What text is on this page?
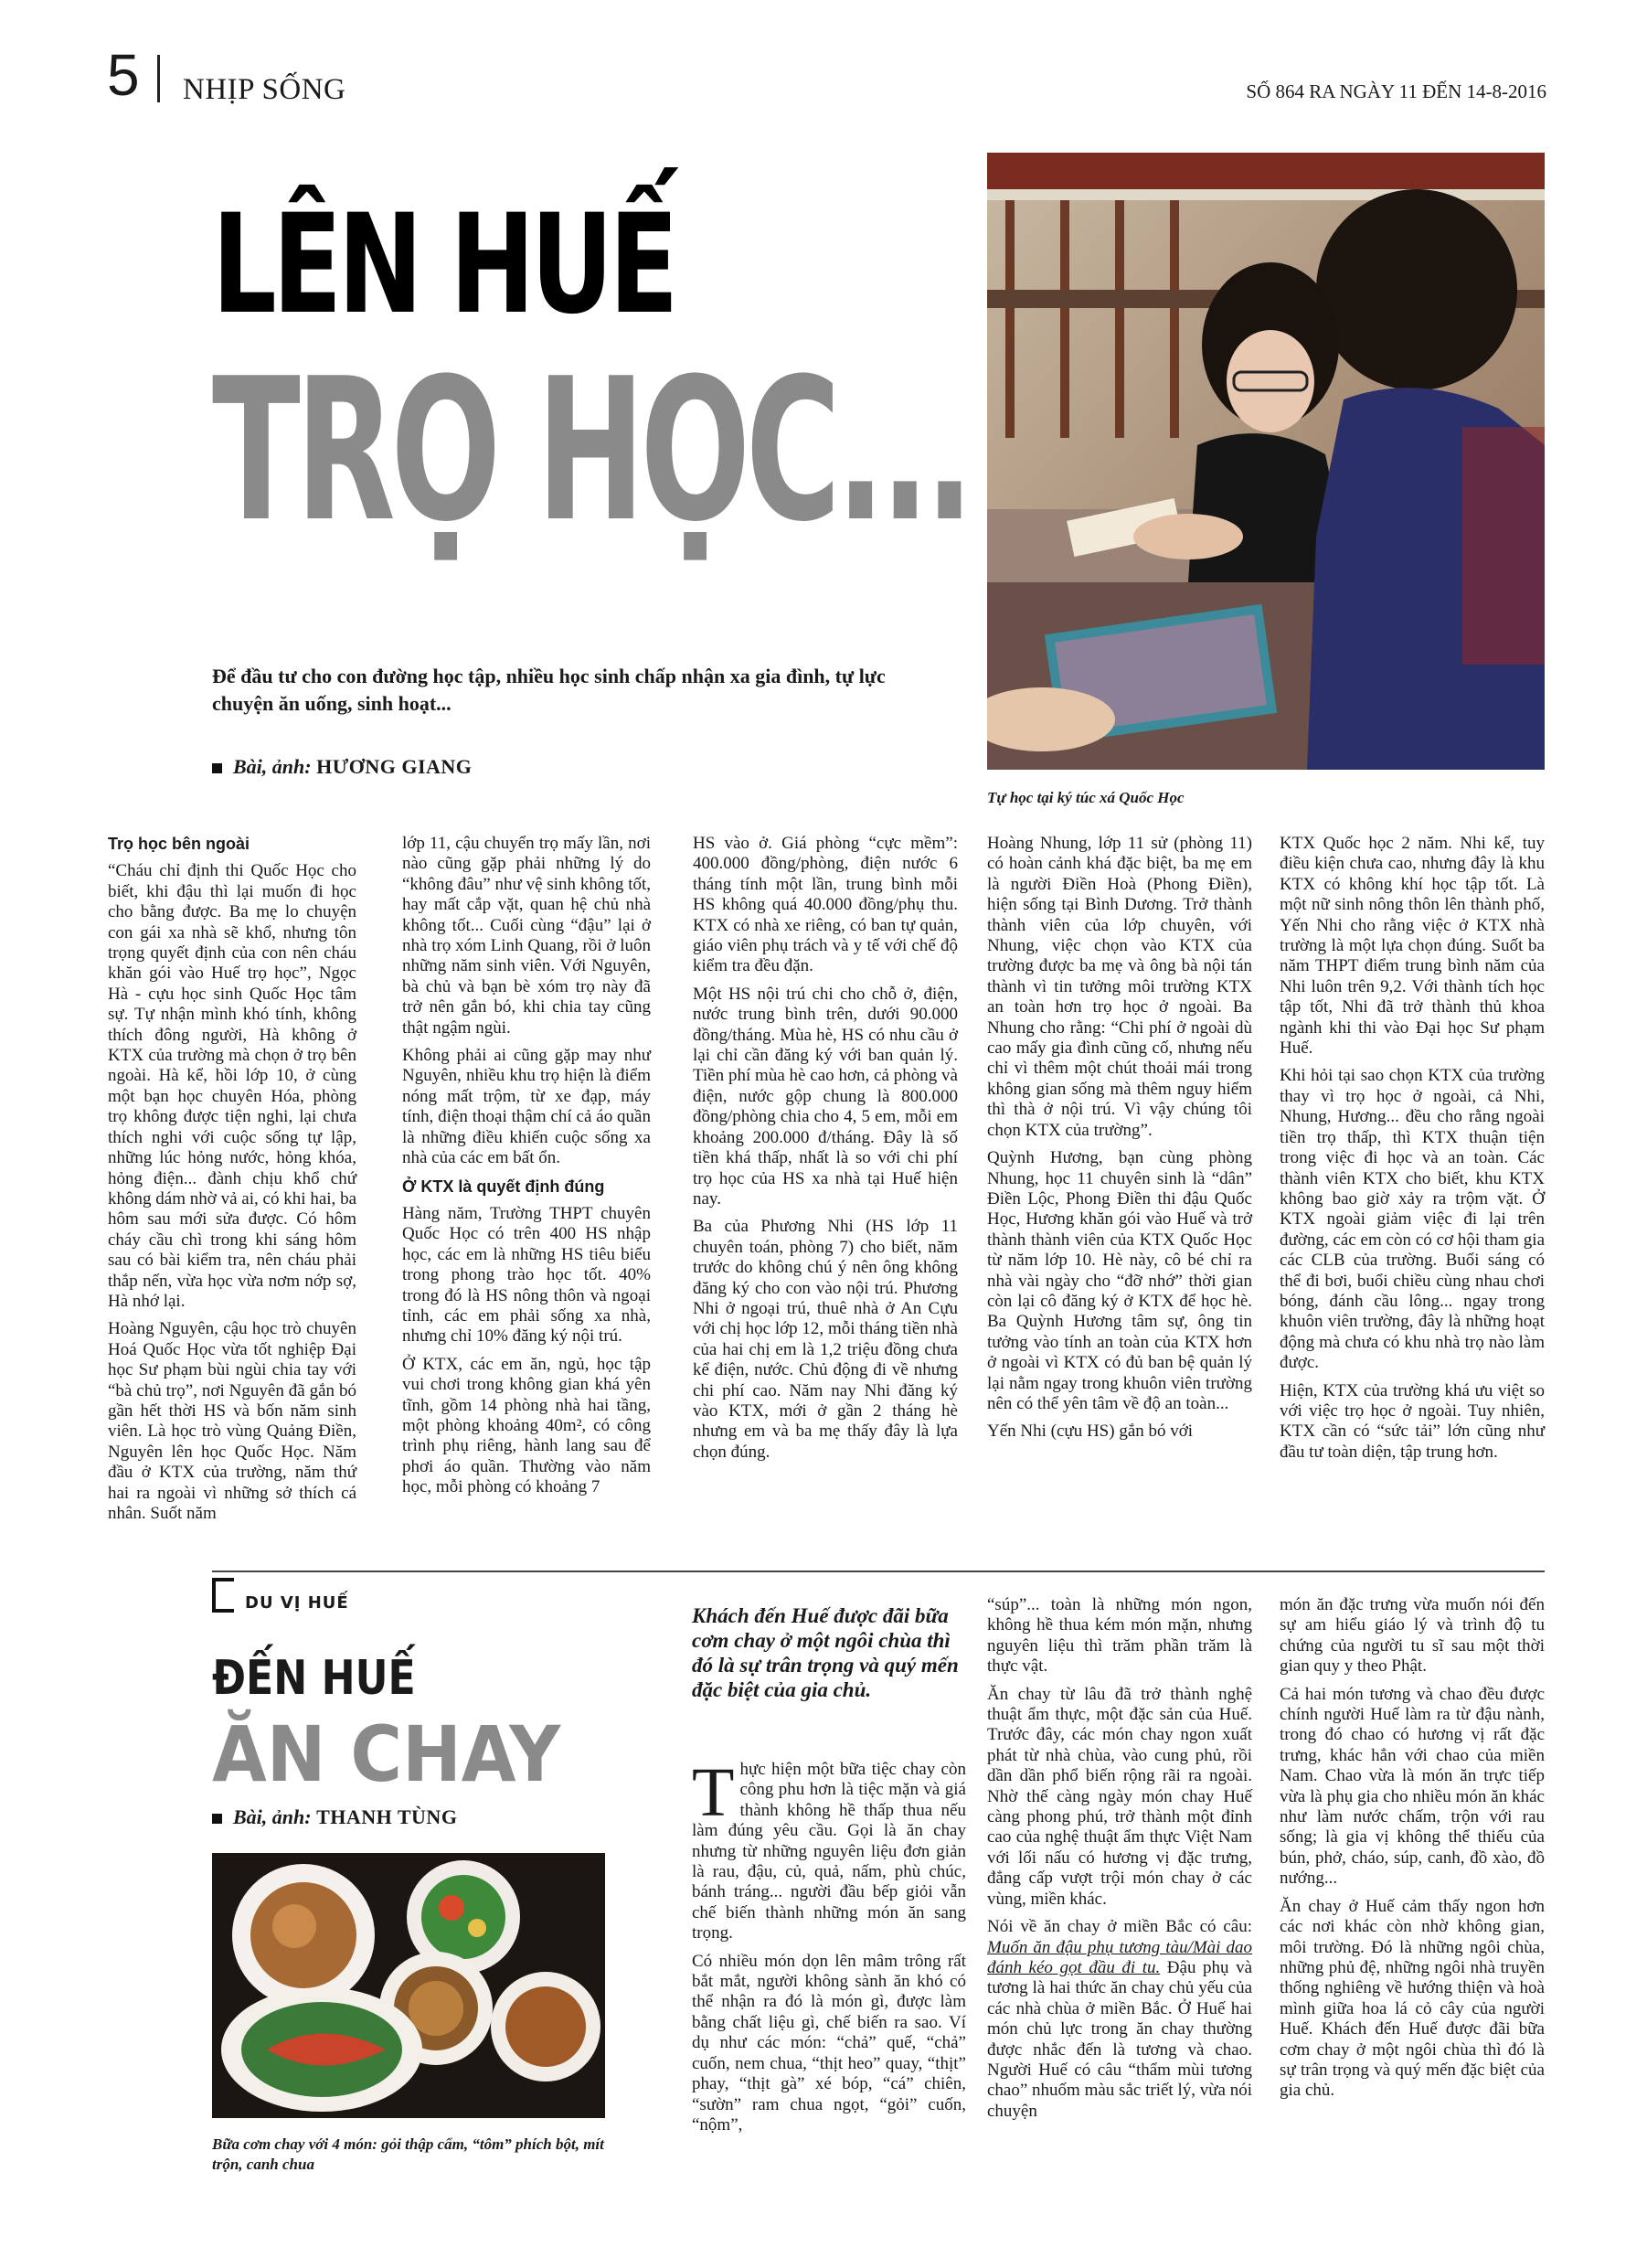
5 NHỊP SỐNG	SỐ 864 RA NGÀY 11 ĐẾN 14-8-2016
LÊN HUẾ
TRỌ HỌC...
Để đầu tư cho con đường học tập, nhiều học sinh chấp nhận xa gia đình, tự lực chuyện ăn uống, sinh hoạt...
Bài, ảnh: HƯƠNG GIANG
Tự học tại ký túc xá Quốc Học
Trọ học bên ngoài

“Cháu chỉ định thi Quốc Học cho biết, khi đậu thì lại muốn đi học cho bằng được. Ba mẹ lo chuyện con gái xa nhà sẽ khổ, nhưng tôn trọng quyết định của con nên cháu khăn gói vào Huế trọ học”, Ngọc Hà - cựu học sinh Quốc Học tâm sự. Tự nhận mình khó tính, không thích đông người, Hà không ở KTX của trường mà chọn ở trọ bên ngoài. Hà kể, hồi lớp 10, ở cùng một bạn học chuyên Hóa, phòng trọ không được tiện nghi, lại chưa thích nghi với cuộc sống tự lập, những lúc hỏng nước, hỏng khóa, hỏng điện... đành chịu khổ chứ không dám nhờ vả ai, có khi hai, ba hôm sau mới sửa được. Có hôm cháy cầu chì trong khi sáng hôm sau có bài kiểm tra, nên cháu phải thắp nến, vừa học vừa nơm nớp sợ, Hà nhớ lại.

Hoàng Nguyên, cậu học trò chuyên Hoá Quốc Học vừa tốt nghiệp Đại học Sư phạm bùi ngùi chia tay với “bà chủ trọ”, nơi Nguyên đã gắn bó gần hết thời HS và bốn năm sinh viên. Là học trò vùng Quảng Điền, Nguyên lên học Quốc Học. Năm đầu ở KTX của trường, năm thứ hai ra ngoài vì những sở thích cá nhân. Suốt năm

lớp 11, cậu chuyển trọ mấy lần, nơi nào cũng gặp phải những lý do “không đâu” như vệ sinh không tốt, hay mất cắp vặt, quan hệ chủ nhà không tốt... Cuối cùng “đậu” lại ở nhà trọ xóm Linh Quang, rồi ở luôn những năm sinh viên. Với Nguyên, bà chủ và bạn bè xóm trọ này đã trở nên gắn bó, khi chia tay cũng thật ngậm ngùi.

Không phải ai cũng gặp may như Nguyên, nhiều khu trọ hiện là điểm nóng mất trộm, từ xe đạp, máy tính, điện thoại thậm chí cả áo quần là những điều khiến cuộc sống xa nhà của các em bất ổn.

Ở KTX là quyết định đúng

Hàng năm, Trường THPT chuyên Quốc Học có trên 400 HS nhập học, các em là những HS tiêu biểu trong phong trào học tốt. 40% trong đó là HS nông thôn và ngoại tỉnh, các em phải sống xa nhà, nhưng chỉ 10% đăng ký nội trú.

Ở KTX, các em ăn, ngủ, học tập vui chơi trong không gian khá yên tĩnh, gồm 14 phòng nhà hai tầng, một phòng khoảng 40m², có công trình phụ riêng, hành lang sau để phơi áo quần. Thường vào năm học, mỗi phòng có khoảng 7

HS vào ở. Giá phòng “cực mềm”: 400.000 đồng/phòng, điện nước 6 tháng tính một lần, trung bình mỗi HS không quá 40.000 đồng/phụ thu. KTX có nhà xe riêng, có ban tự quản, giáo viên phụ trách và y tế với chế độ kiểm tra đều đặn.

Một HS nội trú chi cho chỗ ở, điện, nước trung bình trên, dưới 90.000 đồng/tháng. Mùa hè, HS có nhu cầu ở lại chỉ cần đăng ký với ban quản lý. Tiền phí mùa hè cao hơn, cả phòng và điện, nước gộp chung là 800.000 đồng/phòng chia cho 4, 5 em, mỗi em khoảng 200.000 đ/tháng. Đây là số tiền khá thấp, nhất là so với chi phí trọ học của HS xa nhà tại Huế hiện nay.

Ba của Phương Nhi (HS lớp 11 chuyên toán, phòng 7) cho biết, năm trước do không chú ý nên ông không đăng ký cho con vào nội trú. Phương Nhi ở ngoại trú, thuê nhà ở An Cựu với chị học lớp 12, mỗi tháng tiền nhà của hai chị em là 1,2 triệu đồng chưa kể điện, nước. Chủ động đi về nhưng chi phí cao. Năm nay Nhi đăng ký vào KTX, mới ở gần 2 tháng hè nhưng em và ba mẹ thấy đây là lựa chọn đúng.

Hoàng Nhung, lớp 11 sử (phòng 11) có hoàn cảnh khá đặc biệt, ba mẹ em là người Điền Hoà (Phong Điền), hiện sống tại Bình Dương. Trở thành thành viên của lớp chuyên, với Nhung, việc chọn vào KTX của trường được ba mẹ và ông bà nội tán thành vì tin tưởng môi trường KTX an toàn hơn trọ học ở ngoài. Ba Nhung cho rằng: “Chi phí ở ngoài dù cao mấy gia đình cũng cố, nhưng nếu chỉ vì thêm một chút thoải mái trong không gian sống mà thêm nguy hiểm thì thà ở nội trú. Vì vậy chúng tôi chọn KTX của trường”.

Quỳnh Hương, bạn cùng phòng Nhung, học 11 chuyên sinh là “dân” Điền Lộc, Phong Điền thi đậu Quốc Học, Hương khăn gói vào Huế và trở thành thành viên của KTX Quốc Học từ năm lớp 10. Hè này, cô bé chỉ ra nhà vài ngày cho “đỡ nhớ” thời gian còn lại cô đăng ký ở KTX để học hè. Ba Quỳnh Hương tâm sự, ông tin tưởng vào tính an toàn của KTX hơn ở ngoài vì KTX có đủ ban bệ quản lý lại nằm ngay trong khuôn viên trường nên có thể yên tâm về độ an toàn...

Yến Nhi (cựu HS) gắn bó với

KTX Quốc học 2 năm. Nhi kể, tuy điều kiện chưa cao, nhưng đây là khu KTX có không khí học tập tốt. Là một nữ sinh nông thôn lên thành phố, Yến Nhi cho rằng việc ở KTX nhà trường là một lựa chọn đúng. Suốt ba năm THPT điểm trung bình năm của Nhi luôn trên 9,2. Với thành tích học tập tốt, Nhi đã trở thành thủ khoa ngành khi thi vào Đại học Sư phạm Huế.

Khi hỏi tại sao chọn KTX của trường thay vì trọ học ở ngoài, cả Nhi, Nhung, Hương... đều cho rằng ngoài tiền trọ thấp, thì KTX thuận tiện trong việc đi học và an toàn. Các thành viên KTX cho biết, khu KTX không bao giờ xảy ra trộm vặt. Ở KTX ngoài giảm việc đi lại trên đường, các em còn có cơ hội tham gia các CLB của trường. Buổi sáng có thể đi bơi, buổi chiều cùng nhau chơi bóng, đánh cầu lông... ngay trong khuôn viên trường, đây là những hoạt động mà chưa có khu nhà trọ nào làm được.

Hiện, KTX của trường khá ưu việt so với việc trọ học ở ngoài. Tuy nhiên, KTX cần có “sức tải” lớn cũng như đầu tư toàn diện, tập trung hơn.

DU VỊ HUẾ
ĐẾN HUẾ
ĂN CHAY
Bài, ảnh: THANH TÙNG
Bữa cơm chay với 4 món: gỏi thập cẩm, “tôm” phích bột, mít trộn, canh chua
Khách đến Huế được đãi bữa cơm chay ở một ngôi chùa thì đó là sự trân trọng và quý mến đặc biệt của gia chủ.

Thực hiện một bữa tiệc chay còn công phu hơn là tiệc mặn và giá thành không hề thấp thua nếu làm đúng yêu cầu. Gọi là ăn chay nhưng từ những nguyên liệu đơn giản là rau, đậu, củ, quả, nấm, phù chúc, bánh tráng... người đầu bếp giỏi vẫn chế biến thành những món ăn sang trọng.

Có nhiều món dọn lên mâm trông rất bắt mắt, người không sành ăn khó có thể nhận ra đó là món gì, được làm bằng chất liệu gì, chế biến ra sao. Ví dụ như các món: “chả” quế, “chả” cuốn, nem chua, “thịt heo” quay, “thịt” phay, “thịt gà” xé bóp, “cá” chiên, “sườn” ram chua ngọt, “gỏi” cuốn, “nộm”,

“súp”... toàn là những món ngon, không hề thua kém món mặn, nhưng nguyên liệu thì trăm phần trăm là thực vật.

Ăn chay từ lâu đã trở thành nghệ thuật ẩm thực, một đặc sản của Huế. Trước đây, các món chay ngon xuất phát từ nhà chùa, vào cung phủ, rồi dần dần phổ biến rộng rãi ra ngoài. Nhờ thế càng ngày món chay Huế càng phong phú, trở thành một đỉnh cao của nghệ thuật ẩm thực Việt Nam với lối nấu có hương vị đặc trưng, đẳng cấp vượt trội món chay ở các vùng, miền khác.

Nói về ăn chay ở miền Bắc có câu: Muốn ăn đậu phụ tương tàu/Mài dao đánh kéo gọt đầu đi tu. Đậu phụ và tương là hai thức ăn chay chủ yếu của các nhà chùa ở miền Bắc. Ở Huế hai món chủ lực trong ăn chay thường được nhắc đến là tương và chao. Người Huế có câu “thẩm mùi tương chao” nhuốm màu sắc triết lý, vừa nói chuyện

món ăn đặc trưng vừa muốn nói đến sự am hiểu giáo lý và trình độ tu chứng của người tu sĩ sau một thời gian quy y theo Phật.

Cả hai món tương và chao đều được chính người Huế làm ra từ đậu nành, trong đó chao có hương vị rất đặc trưng, khác hẳn với chao của miền Nam. Chao vừa là món ăn trực tiếp vừa là phụ gia cho nhiều món ăn khác như làm nước chấm, trộn với rau sống; là gia vị không thể thiếu của bún, phở, cháo, súp, canh, đồ xào, đồ nướng...

Ăn chay ở Huế cảm thấy ngon hơn các nơi khác còn nhờ không gian, môi trường. Đó là những ngôi chùa, những phủ đệ, những ngôi nhà truyền thống nghiêng về hướng thiện và hoà mình giữa hoa lá cỏ cây của người Huế. Khách đến Huế được đãi bữa cơm chay ở một ngôi chùa thì đó là sự trân trọng và quý mến đặc biệt của gia chủ.
